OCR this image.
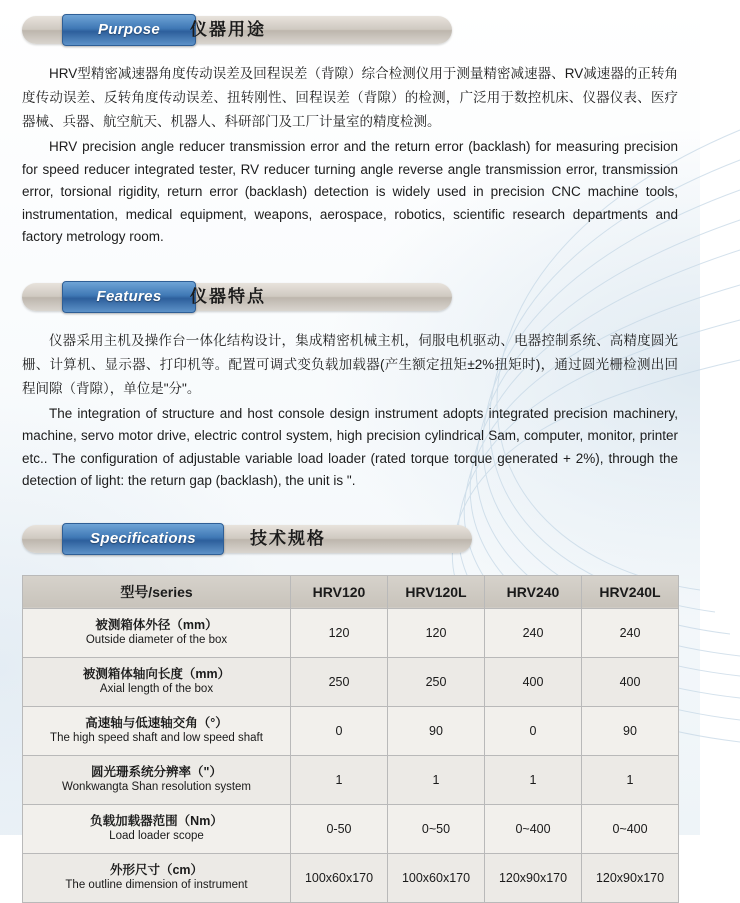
Purpose	仪器用途

HRV型精密减速器角度传动误差及回程误差（背隙）综合检测仪用于测量精密减速器、RV减速器的正转角度传动误差、反转角度传动误差、扭转刚性、回程误差（背隙）的检测，广泛用于数控机床、仪器仪表、医疗器械、兵器、航空航天、机器人、科研部门及工厂计量室的精度检测。

HRV precision angle reducer transmission error and the return error (backlash) for measuring precision for speed reducer integrated tester, RV reducer turning angle reverse angle transmission error, transmission error, torsional rigidity, return error (backlash) detection is widely used in precision CNC machine tools, instrumentation, medical equipment, weapons, aerospace, robotics, scientific research departments and factory metrology room.

Features	仪器特点

仪器采用主机及操作台一体化结构设计，集成精密机械主机，伺服电机驱动、电器控制系统、高精度圆光栅、计算机、显示器、打印机等。配置可调式变负载加载器(产生额定扭矩±2%扭矩时)，通过圆光栅检测出回程间隙（背隙），单位是"分"。

The integration of structure and host console design instrument adopts integrated precision machinery, machine, servo motor drive, electric control system, high precision cylindrical Sam, computer, monitor, printer etc.. The configuration of adjustable variable load loader (rated torque torque generated + 2%), through the detection of light: the return gap (backlash), the unit is ".

Specifications	技术规格
型号/series	HRV120	HRV120L	HRV240	HRV240L

被测箱体外径（mm）
Outside diameter of the box	120	120	240	240

被测箱体轴向长度（mm）
Axial length of the box	250	250	400	400

高速轴与低速轴交角（°）
The high speed shaft and low speed shaft	0	90	0	90

圆光珊系统分辨率（"）
Wonkwangta Shan resolution system	1	1	1	1

负载加载器范围（Nm）
Load loader scope	0-50	0~50	0~400	0~400

外形尺寸（cm）
The outline dimension of instrument	100x60x170	100x60x170	120x90x170	120x90x170
